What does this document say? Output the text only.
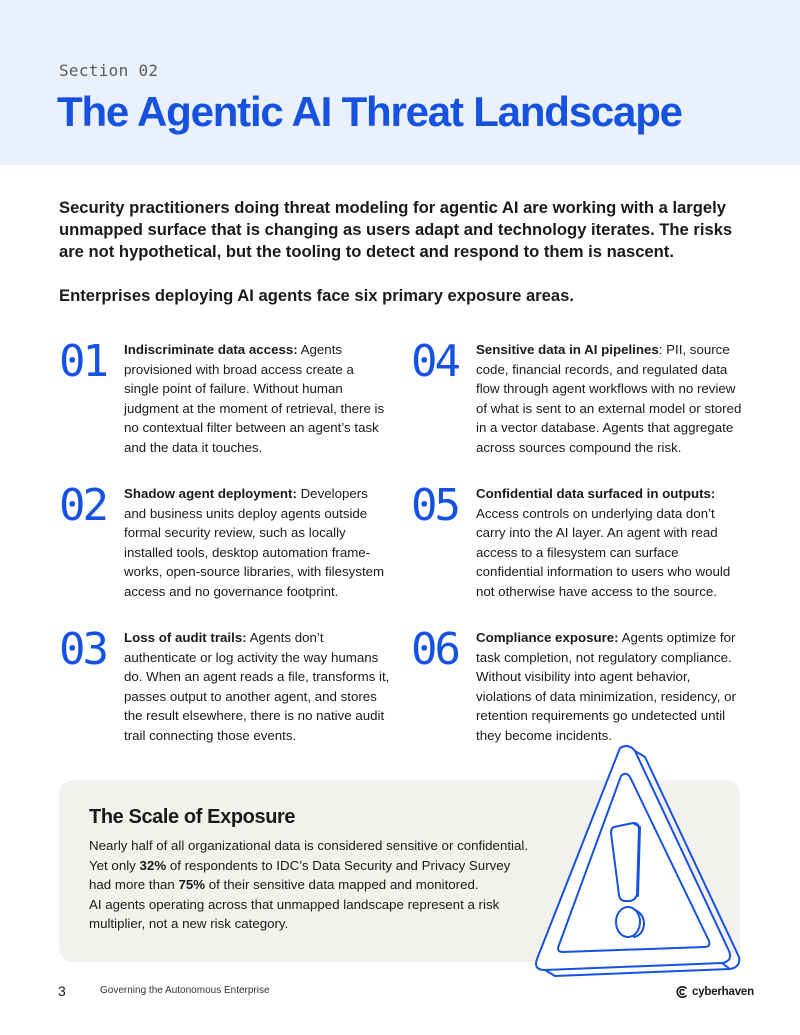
Section 02
The Agentic AI Threat Landscape

Security practitioners doing threat modeling for agentic AI are working with a largely unmapped surface that is changing as users adapt and technology iterates. The risks are not hypothetical, but the tooling to detect and respond to them is nascent.

Enterprises deploying AI agents face six primary exposure areas.

01 Indiscriminate data access: Agents provisioned with broad access create a single point of failure. Without human judgment at the moment of retrieval, there is no contextual filter between an agent’s task and the data it touches.
02 Shadow agent deployment: Developers and business units deploy agents outside formal security review, such as locally installed tools, desktop automation frame-works, open-source libraries, with filesystem access and no governance footprint.
03 Loss of audit trails: Agents don’t authenticate or log activity the way humans do. When an agent reads a file, transforms it, passes output to another agent, and stores the result elsewhere, there is no native audit trail connecting those events.
04 Sensitive data in AI pipelines: PII, source code, financial records, and regulated data flow through agent workflows with no review of what is sent to an external model or stored in a vector database. Agents that aggregate across sources compound the risk.
05 Confidential data surfaced in outputs: Access controls on underlying data don’t carry into the AI layer. An agent with read access to a filesystem can surface confidential information to users who would not otherwise have access to the source.
06 Compliance exposure: Agents optimize for task completion, not regulatory compliance. Without visibility into agent behavior, violations of data minimization, residency, or retention requirements go undetected until they become incidents.
The Scale of Exposure
Nearly half of all organizational data is considered sensitive or confidential.
Yet only 32% of respondents to IDC’s Data Security and Privacy Survey
had more than 75% of their sensitive data mapped and monitored.
AI agents operating across that unmapped landscape represent a risk
multiplier, not a new risk category.
3	Governing the Autonomous Enterprise	cyberhaven
